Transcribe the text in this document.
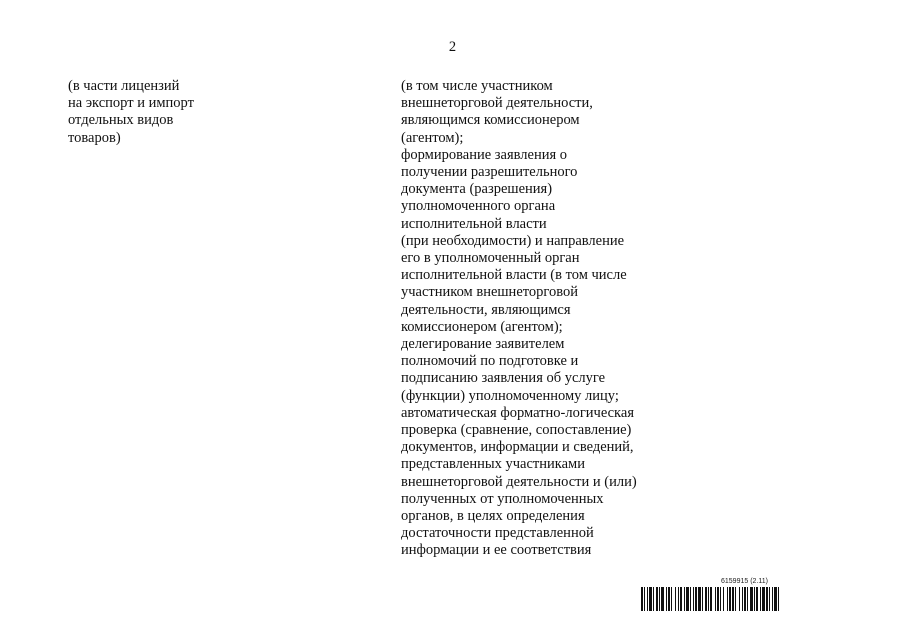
2
(в части лицензий
на экспорт и импорт
отдельных видов
товаров)
(в том числе участником
внешнеторговой деятельности,
являющимся комиссионером
(агентом);
формирование заявления о
получении разрешительного
документа (разрешения)
уполномоченного органа
исполнительной власти
(при необходимости) и направление
его в уполномоченный орган
исполнительной власти (в том числе
участником внешнеторговой
деятельности, являющимся
комиссионером (агентом);
делегирование заявителем
полномочий по подготовке и
подписанию заявления об услуге
(функции) уполномоченному лицу;
автоматическая форматно-логическая
проверка (сравнение, сопоставление)
документов, информации и сведений,
представленных участниками
внешнеторговой деятельности и (или)
полученных от уполномоченных
органов, в целях определения
достаточности представленной
информации и ее соответствия
6159915 (2.11)
